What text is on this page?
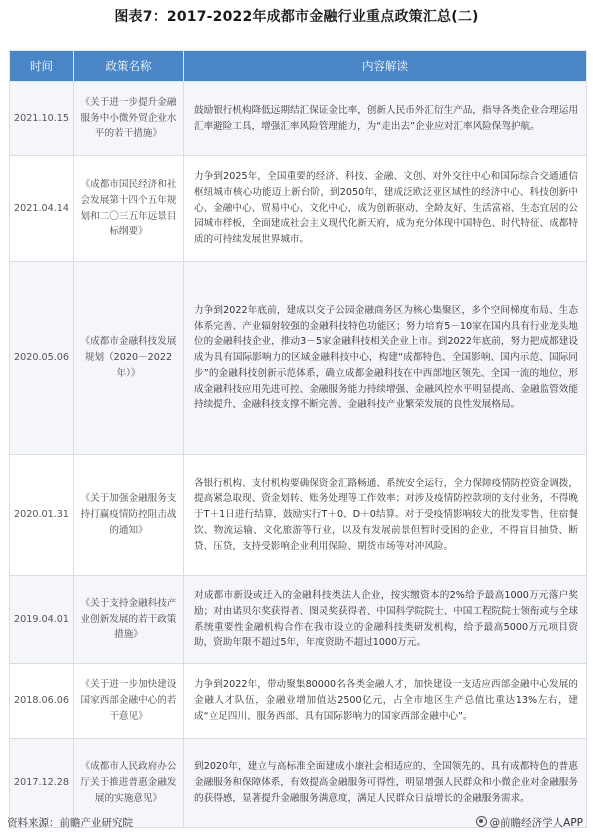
图表7：2017-2022年成都市金融行业重点政策汇总(二)
时间	政策名称	内容解读
2021.10.15	《关于进一步提升金融服务中小微外贸企业水平的若干措施》	鼓励银行机构降低远期结汇保证金比率，创新人民币外汇衍生产品，指导各类企业合理运用汇率避险工具，增强汇率风险管理能力，为“走出去”企业应对汇率风险保驾护航。
2021.04.14	《成都市国民经济和社会发展第十四个五年规划和二〇三五年远景目标纲要》	力争到2025年，全国重要的经济、科技、金融、文创、对外交往中心和国际综合交通通信枢纽城市核心功能迈上新台阶，到2050年，建成泛欧泛亚区域性的经济中心、科技创新中心、金融中心、贸易中心、文化中心，成为创新驱动、全龄友好、生活富裕、生态宜居的公园城市样板，全面建成社会主义现代化新天府，成为充分体现中国特色、时代特征、成都特质的可持续发展世界城市。
2020.05.06	《成都市金融科技发展规划（2020－2022年）》	力争到2022年底前，建成以交子公园金融商务区为核心集聚区，多个空间梯度布局、生态体系完善、产业辐射较强的金融科技特色功能区；努力培育5－10家在国内具有行业龙头地位的金融科技企业，推动3－5家金融科技相关企业上市。到2022年底前，努力把成都建设成为具有国际影响力的区域金融科技中心，构建“成都特色、全国影响、国内示范、国际同步”的金融科技创新示范体系，确立成都金融科技在中西部地区领先、全国一流的地位，形成金融科技应用先进可控、金融服务能力持续增强、金融风控水平明显提高、金融监管效能持续提升、金融科技支撑不断完善、金融科技产业繁荣发展的良性发展格局。
2020.01.31	《关于加强金融服务支持打赢疫情防控阻击战的通知》	各银行机构、支付机构要确保资金汇路畅通、系统安全运行，全力保障疫情防控资金调拨，提高紧急取现、资金划转、账务处理等工作效率；对涉及疫情防控款项的支付业务，不得晚于T＋1日进行结算，鼓励实行T＋0、D＋0结算。对于受疫情影响较大的批发零售、住宿餐饮、物流运输、文化旅游等行业，以及有发展前景但暂时受困的企业，不得盲目抽贷、断贷、压贷，支持受影响企业利用保险、期货市场等对冲风险。
2019.04.01	《关于支持金融科技产业创新发展的若干政策措施》	对成都市新设或迁入的金融科技类法人企业，按实缴资本的2%给予最高1000万元落户奖励；对由诺贝尔奖获得者、图灵奖获得者、中国科学院院士、中国工程院院士领衔或与全球系统重要性金融机构合作在我市设立的金融科技类研发机构，给予最高5000万元项目资助，资助年限不超过5年，年度资助不超过1000万元。
2018.06.06	《关于进一步加快建设国家西部金融中心的若干意见》	力争到2022年，带动聚集80000名各类金融人才，加快建设一支适应西部金融中心发展的金融人才队伍，金融业增加值达2500亿元，占全市地区生产总值比重达13%左右，建成“立足四川、服务西部、具有国际影响力的国家西部金融中心”。
2017.12.28	《成都市人民政府办公厅关于推进普惠金融发展的实施意见》	到2020年，建立与高标准全面建成小康社会相适应的、全国领先的、具有成都特色的普惠金融服务和保障体系，有效提高金融服务可得性，明显增强人民群众和小微企业对金融服务的获得感，显著提升金融服务满意度，满足人民群众日益增长的金融服务需求。
资料来源：前瞻产业研究院	@前瞻经济学人APP
